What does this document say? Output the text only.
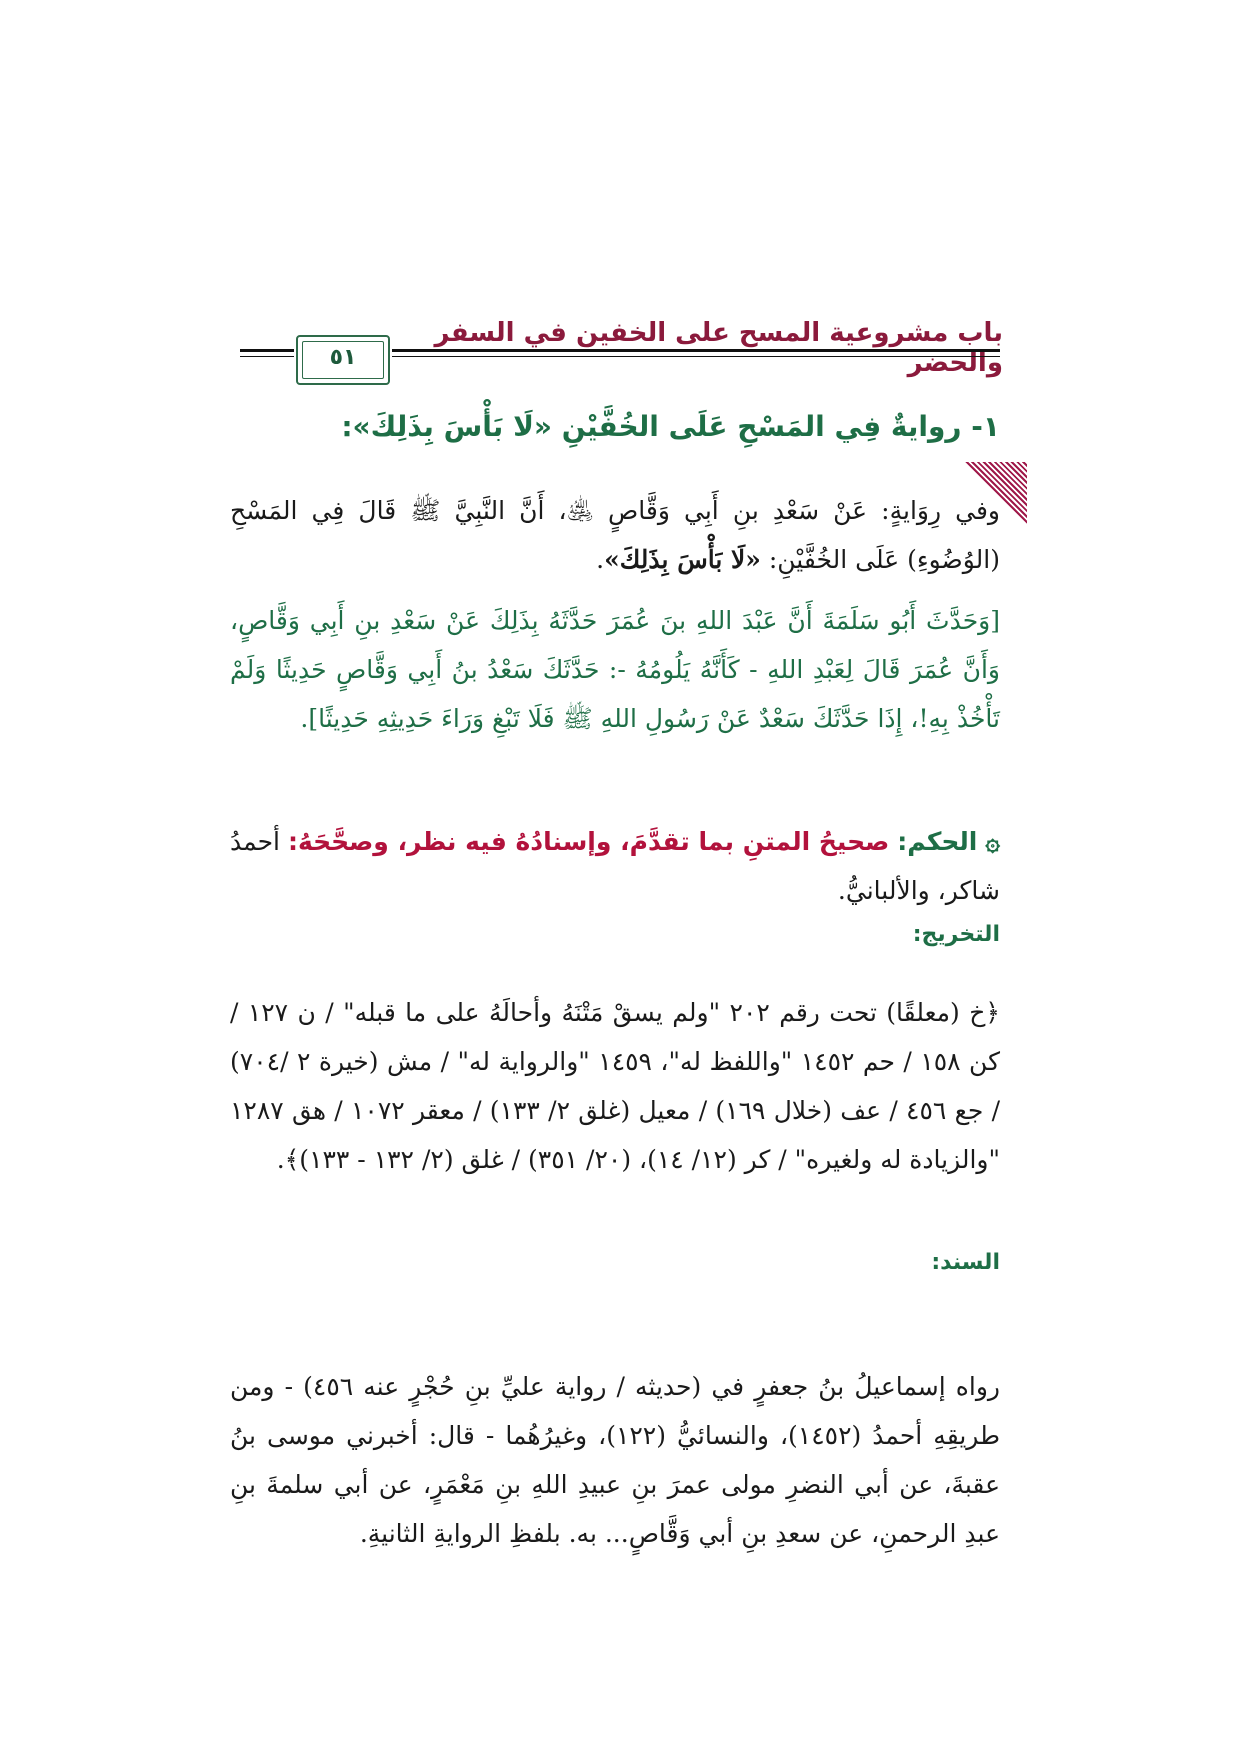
باب مشروعية المسح على الخفين في السفر والحضر
٥١
١- روايةٌ فِي المَسْحِ عَلَى الخُفَّيْنِ «لَا بَأْسَ بِذَلِكَ»:
وفي رِوَايةٍ: عَنْ سَعْدِ بنِ أَبِي وَقَّاصٍ ﵁، أَنَّ النَّبِيَّ ﷺ قَالَ فِي المَسْحِ (الوُضُوءِ) عَلَى الخُفَّيْنِ: «لَا بَأْسَ بِذَلِكَ».
[وَحَدَّثَ أَبُو سَلَمَةَ أَنَّ عَبْدَ اللهِ بنَ عُمَرَ حَدَّثَهُ بِذَلِكَ عَنْ سَعْدِ بنِ أَبِي وَقَّاصٍ، وَأَنَّ عُمَرَ قَالَ لِعَبْدِ اللهِ - كَأَنَّهُ يَلُومُهُ -: حَدَّثَكَ سَعْدُ بنُ أَبِي وَقَّاصٍ حَدِيثًا وَلَمْ تَأْخُذْ بِهِ!، إِذَا حَدَّثَكَ سَعْدٌ عَنْ رَسُولِ اللهِ ﷺ فَلَا تَبْغِ وَرَاءَ حَدِيثِهِ حَدِيثًا].
۞ الحكم: صحيحُ المتنِ بما تقدَّمَ، وإسنادُهُ فيه نظر، وصحَّحَهُ: أحمدُ شاكر، والألبانيُّ.
التخريج:
﴿خ (معلقًا) تحت رقم ٢٠٢ "ولم يسقْ مَتْنَهُ وأحالَهُ على ما قبله" / ن ١٢٧ / كن ١٥٨ / حم ١٤٥٢ "واللفظ له"، ١٤٥٩ "والرواية له" / مش (خيرة ٢ /٧٠٤) / جع ٤٥٦ / عف (خلال ١٦٩) / معيل (غلق ٢/ ١٣٣) / معقر ١٠٧٢ / هق ١٢٨٧ "والزيادة له ولغيره" / كر (١٢/ ١٤)، (٢٠/ ٣٥١) / غلق (٢/ ١٣٢ - ١٣٣)﴾.
السند:
رواه إسماعيلُ بنُ جعفرٍ في (حديثه / رواية عليِّ بنِ حُجْرٍ عنه ٤٥٦) - ومن طريقِهِ أحمدُ (١٤٥٢)، والنسائيُّ (١٢٢)، وغيرُهُما - قال: أخبرني موسى بنُ عقبةَ، عن أبي النضرِ مولى عمرَ بنِ عبيدِ اللهِ بنِ مَعْمَرٍ، عن أبي سلمةَ بنِ عبدِ الرحمنِ، عن سعدِ بنِ أبي وَقَّاصٍ... به. بلفظِ الروايةِ الثانيةِ.
